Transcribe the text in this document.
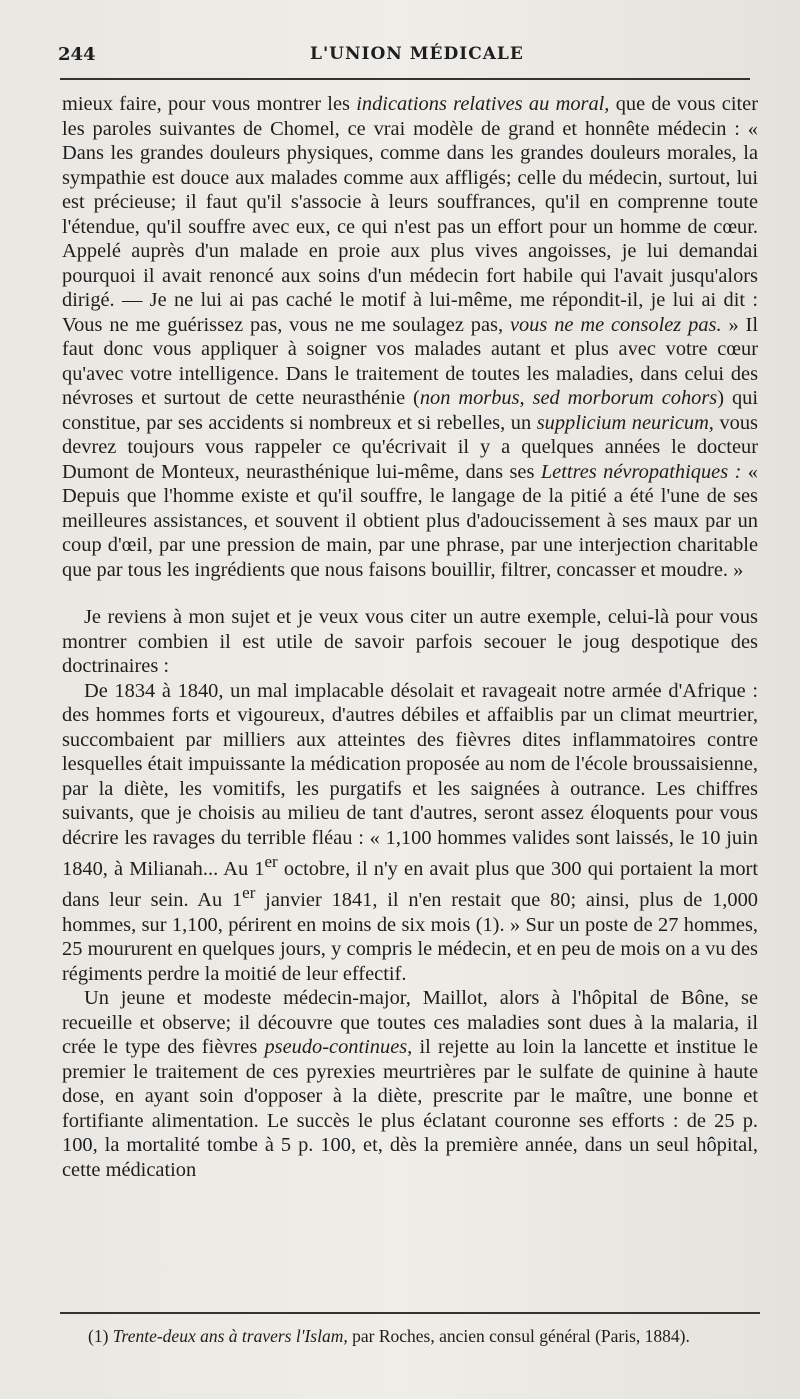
244	L'UNION MÉDICALE

mieux faire, pour vous montrer les indications relatives au moral, que de vous citer les paroles suivantes de Chomel, ce vrai modèle de grand et honnête médecin : « Dans les grandes douleurs physiques, comme dans les grandes douleurs morales, la sympathie est douce aux malades comme aux affligés; celle du médecin, surtout, lui est précieuse; il faut qu'il s'associe à leurs souffrances, qu'il en comprenne toute l'étendue, qu'il souffre avec eux, ce qui n'est pas un effort pour un homme de cœur. Appelé auprès d'un malade en proie aux plus vives angoisses, je lui demandai pourquoi il avait renoncé aux soins d'un médecin fort habile qui l'avait jusqu'alors dirigé. — Je ne lui ai pas caché le motif à lui-même, me répondit-il, je lui ai dit : Vous ne me guérissez pas, vous ne me soulagez pas, vous ne me consolez pas. » Il faut donc vous appliquer à soigner vos malades autant et plus avec votre cœur qu'avec votre intelligence. Dans le traitement de toutes les maladies, dans celui des névroses et surtout de cette neurasthénie (non morbus, sed morborum cohors) qui constitue, par ses accidents si nombreux et si rebelles, un supplicium neuricum, vous devrez toujours vous rappeler ce qu'écrivait il y a quelques années le docteur Dumont de Monteux, neurasthénique lui-même, dans ses Lettres névropathiques : « Depuis que l'homme existe et qu'il souffre, le langage de la pitié a été l'une de ses meilleures assistances, et souvent il obtient plus d'adoucissement à ses maux par un coup d'œil, par une pression de main, par une phrase, par une interjection charitable que par tous les ingrédients que nous faisons bouillir, filtrer, concasser et moudre. »

Je reviens à mon sujet et je veux vous citer un autre exemple, celui-là pour vous montrer combien il est utile de savoir parfois secouer le joug despotique des doctrinaires :

De 1834 à 1840, un mal implacable désolait et ravageait notre armée d'Afrique : des hommes forts et vigoureux, d'autres débiles et affaiblis par un climat meurtrier, succombaient par milliers aux atteintes des fièvres dites inflammatoires contre lesquelles était impuissante la médication proposée au nom de l'école broussaisienne, par la diète, les vomitifs, les purgatifs et les saignées à outrance. Les chiffres suivants, que je choisis au milieu de tant d'autres, seront assez éloquents pour vous décrire les ravages du terrible fléau : « 1,100 hommes valides sont laissés, le 10 juin 1840, à Milianah... Au 1er octobre, il n'y en avait plus que 300 qui portaient la mort dans leur sein. Au 1er janvier 1841, il n'en restait que 80; ainsi, plus de 1,000 hommes, sur 1,100, périrent en moins de six mois (1). » Sur un poste de 27 hommes, 25 moururent en quelques jours, y compris le médecin, et en peu de mois on a vu des régiments perdre la moitié de leur effectif.

Un jeune et modeste médecin-major, Maillot, alors à l'hôpital de Bône, se recueille et observe; il découvre que toutes ces maladies sont dues à la malaria, il crée le type des fièvres pseudo-continues, il rejette au loin la lancette et institue le premier le traitement de ces pyrexies meurtrières par le sulfate de quinine à haute dose, en ayant soin d'opposer à la diète, prescrite par le maître, une bonne et fortifiante alimentation. Le succès le plus éclatant couronne ses efforts : de 25 p. 100, la mortalité tombe à 5 p. 100, et, dès la première année, dans un seul hôpital, cette médication

(1) Trente-deux ans à travers l'Islam, par Roches, ancien consul général (Paris, 1884).
